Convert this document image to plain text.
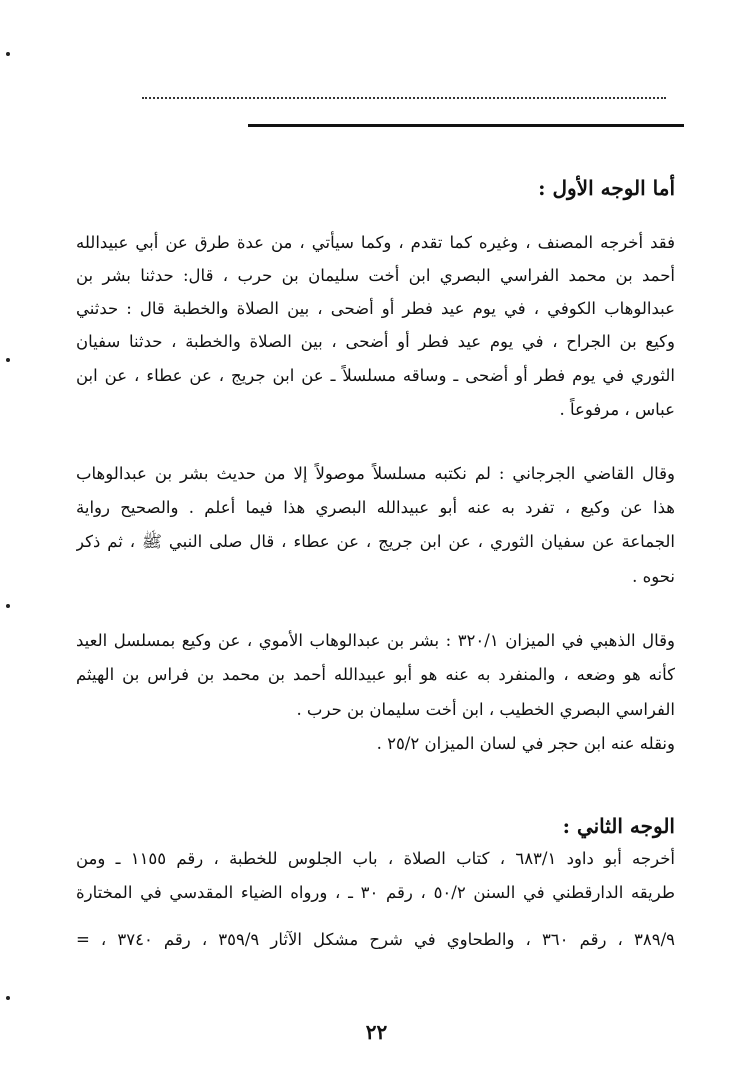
أما الوجه الأول :
فقد أخرجه المصنف ، وغيره كما تقدم ، وكما سيأتي ، من عدة طرق عن أبي عبيدالله
أحمد بن محمد الفراسي البصري ابن أخت سليمان بن حرب ، قال: حدثنا بشر بن
عبدالوهاب الكوفي ، في يوم عيد فطر أو أضحى ، بين الصلاة والخطبة قال : حدثني
وكيع بن الجراح ، في يوم عيد فطر أو أضحى ، بين الصلاة والخطبة ، حدثنا سفيان
الثوري في يوم فطر أو أضحى ـ وساقه مسلسلاً ـ عن ابن جريج ، عن عطاء ، عن ابن
عباس ، مرفوعاً .
وقال القاضي الجرجاني : لم نكتبه مسلسلاً موصولاً إلا من حديث بشر بن عبدالوهاب
هذا عن وكيع ، تفرد به عنه أبو عبيدالله البصري هذا فيما أعلم . والصحيح رواية
الجماعة عن سفيان الثوري ، عن ابن جريج ، عن عطاء ، قال صلى النبي ﷺ ، ثم ذكر
نحوه .
وقال الذهبي في الميزان ٣٢٠/١ : بشر بن عبدالوهاب الأموي ، عن وكيع بمسلسل العيد
كأنه هو وضعه ، والمنفرد به عنه هو أبو عبيدالله أحمد بن محمد بن فراس بن الهيثم
الفراسي البصري الخطيب ، ابن أخت سليمان بن حرب .
ونقله عنه ابن حجر في لسان الميزان ٢٥/٢ .
الوجه الثاني :
أخرجه أبو داود ٦٨٣/١ ، كتاب الصلاة ، باب الجلوس للخطبة ، رقم ١١٥٥ ـ ومن
طريقه الدارقطني في السنن ٥٠/٢ ، رقم ٣٠ ـ ، ورواه الضياء المقدسي في المختارة
٣٨٩/٩ ، رقم ٣٦٠ ، والطحاوي في شرح مشكل الآثار ٣٥٩/٩ ، رقم ٣٧٤٠ ، =
٢٢
